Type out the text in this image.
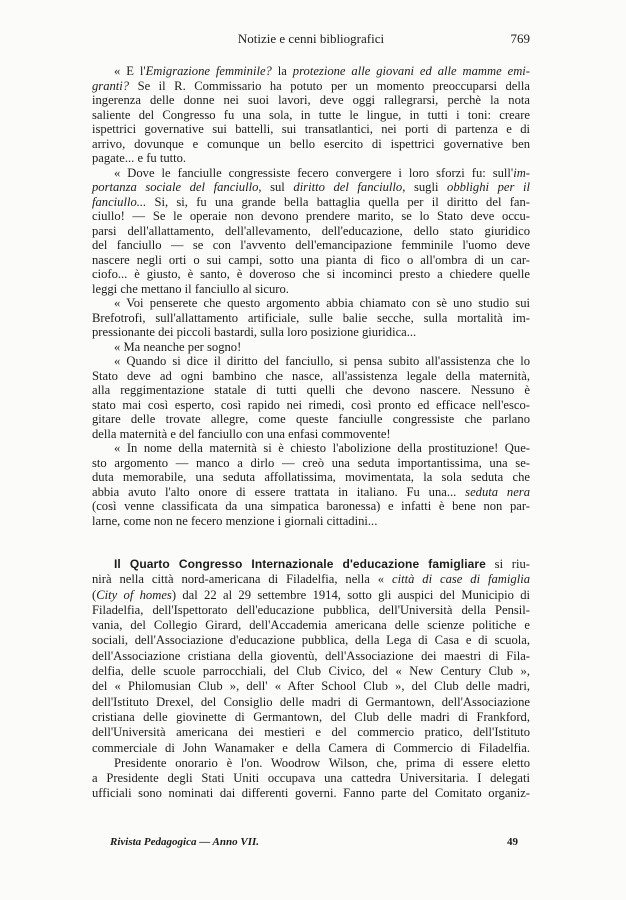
Notizie e cenni bibliografici	769
« E l'Emigrazione femminile? la protezione alle giovani ed alle mamme emi-
granti? Se il R. Commissario ha potuto per un momento preoccuparsi della
ingerenza delle donne nei suoi lavori, deve oggi rallegrarsi, perchè la nota
saliente del Congresso fu una sola, in tutte le lingue, in tutti i toni: creare
ispettrici governative sui battelli, sui transatlantici, nei porti di partenza e di
arrivo, dovunque e comunque un bello esercito di ispettrici governative ben
pagate... e fu tutto.
« Dove le fanciulle congressiste fecero convergere i loro sforzi fu: sull'im-
portanza sociale del fanciullo, sul diritto del fanciullo, sugli obblighi per il
fanciullo... Si, si, fu una grande bella battaglia quella per il diritto del fan-
ciullo! — Se le operaie non devono prendere marito, se lo Stato deve occu-
parsi dell'allattamento, dell'allevamento, dell'educazione, dello stato giuridico
del fanciullo — se con l'avvento dell'emancipazione femminile l'uomo deve
nascere negli orti o sui campi, sotto una pianta di fico o all'ombra di un car-
ciofo... è giusto, è santo, è doveroso che si incominci presto a chiedere quelle
leggi che mettano il fanciullo al sicuro.
« Voi penserete che questo argomento abbia chiamato con sè uno studio sui
Brefotrofi, sull'allattamento artificiale, sulle balie secche, sulla mortalità im-
pressionante dei piccoli bastardi, sulla loro posizione giuridica...
« Ma neanche per sogno!
« Quando si dice il diritto del fanciullo, si pensa subito all'assistenza che lo
Stato deve ad ogni bambino che nasce, all'assistenza legale della maternità,
alla reggimentazione statale di tutti quelli che devono nascere. Nessuno è
stato mai così esperto, così rapido nei rimedi, così pronto ed efficace nell'esco-
gitare delle trovate allegre, come queste fanciulle congressiste che parlano
della maternità e del fanciullo con una enfasi commovente!
« In nome della maternità si è chiesto l'abolizione della prostituzione! Que-
sto argomento — manco a dirlo — creò una seduta importantissima, una se-
duta memorabile, una seduta affollatissima, movimentata, la sola seduta che
abbia avuto l'alto onore di essere trattata in italiano. Fu una... seduta nera
(così venne classificata da una simpatica baronessa) e infatti è bene non par-
larne, come non ne fecero menzione i giornali cittadini...
Il Quarto Congresso Internazionale d'educazione famigliare si riu-
nirà nella città nord-americana di Filadelfia, nella « città di case di famiglia
(City of homes) dal 22 al 29 settembre 1914, sotto gli auspici del Municipio di
Filadelfia, dell'Ispettorato dell'educazione pubblica, dell'Università della Pensil-
vania, del Collegio Girard, dell'Accademia americana delle scienze politiche e
sociali, dell'Associazione d'educazione pubblica, della Lega di Casa e di scuola,
dell'Associazione cristiana della gioventù, dell'Associazione dei maestri di Fila-
delfia, delle scuole parrocchiali, del Club Civico, del « New Century Club »,
del « Philomusian Club », dell' « After School Club », del Club delle madri,
dell'Istituto Drexel, del Consiglio delle madri di Germantown, dell'Associazione
cristiana delle giovinette di Germantown, del Club delle madri di Frankford,
dell'Università americana dei mestieri e del commercio pratico, dell'Istituto
commerciale di John Wanamaker e della Camera di Commercio di Filadelfia.
Presidente onorario è l'on. Woodrow Wilson, che, prima di essere eletto
a Presidente degli Stati Uniti occupava una cattedra Universitaria. I delegati
ufficiali sono nominati dai differenti governi. Fanno parte del Comitato organiz-
Rivista Pedagogica — Anno VII.	49
